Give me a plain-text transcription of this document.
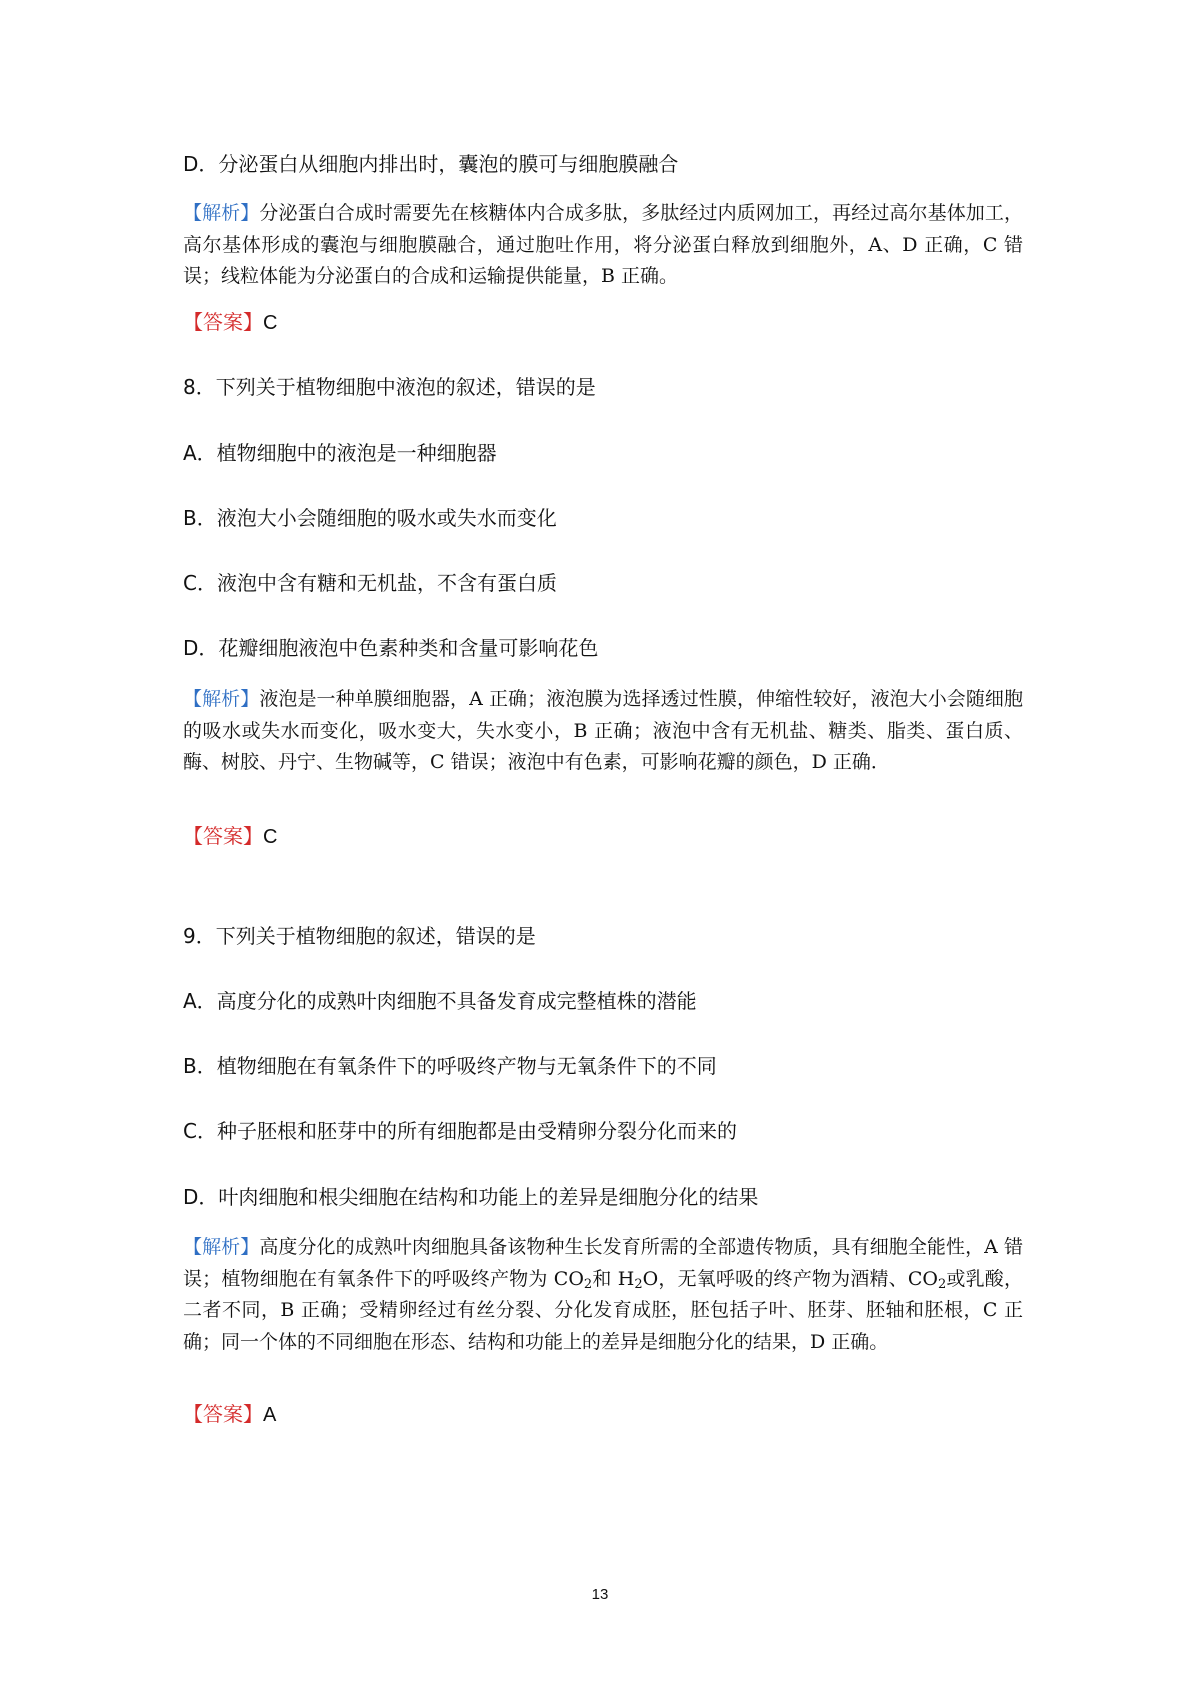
D．分泌蛋白从细胞内排出时，囊泡的膜可与细胞膜融合
【解析】分泌蛋白合成时需要先在核糖体内合成多肽，多肽经过内质网加工，再经过高尔基体加工，高尔基体形成的囊泡与细胞膜融合，通过胞吐作用，将分泌蛋白释放到细胞外，A、D 正确，C 错误；线粒体能为分泌蛋白的合成和运输提供能量，B 正确。
【答案】C
8．下列关于植物细胞中液泡的叙述，错误的是
A．植物细胞中的液泡是一种细胞器
B．液泡大小会随细胞的吸水或失水而变化
C．液泡中含有糖和无机盐，不含有蛋白质
D．花瓣细胞液泡中色素种类和含量可影响花色
【解析】液泡是一种单膜细胞器，A 正确；液泡膜为选择透过性膜，伸缩性较好，液泡大小会随细胞的吸水或失水而变化，吸水变大，失水变小，B 正确；液泡中含有无机盐、糖类、脂类、蛋白质、酶、树胶、丹宁、生物碱等，C 错误；液泡中有色素，可影响花瓣的颜色，D 正确．
【答案】C
9．下列关于植物细胞的叙述，错误的是
A．高度分化的成熟叶肉细胞不具备发育成完整植株的潜能
B．植物细胞在有氧条件下的呼吸终产物与无氧条件下的不同
C．种子胚根和胚芽中的所有细胞都是由受精卵分裂分化而来的
D．叶肉细胞和根尖细胞在结构和功能上的差异是细胞分化的结果
【解析】高度分化的成熟叶肉细胞具备该物种生长发育所需的全部遗传物质，具有细胞全能性，A 错误；植物细胞在有氧条件下的呼吸终产物为 $CO_2$和 $H_2O$，无氧呼吸的终产物为酒精、$CO_2$或乳酸，二者不同，B 正确；受精卵经过有丝分裂、分化发育成胚，胚包括子叶、胚芽、胚轴和胚根，C 正确；同一个体的不同细胞在形态、结构和功能上的差异是细胞分化的结果，D 正确。
【答案】A
13
